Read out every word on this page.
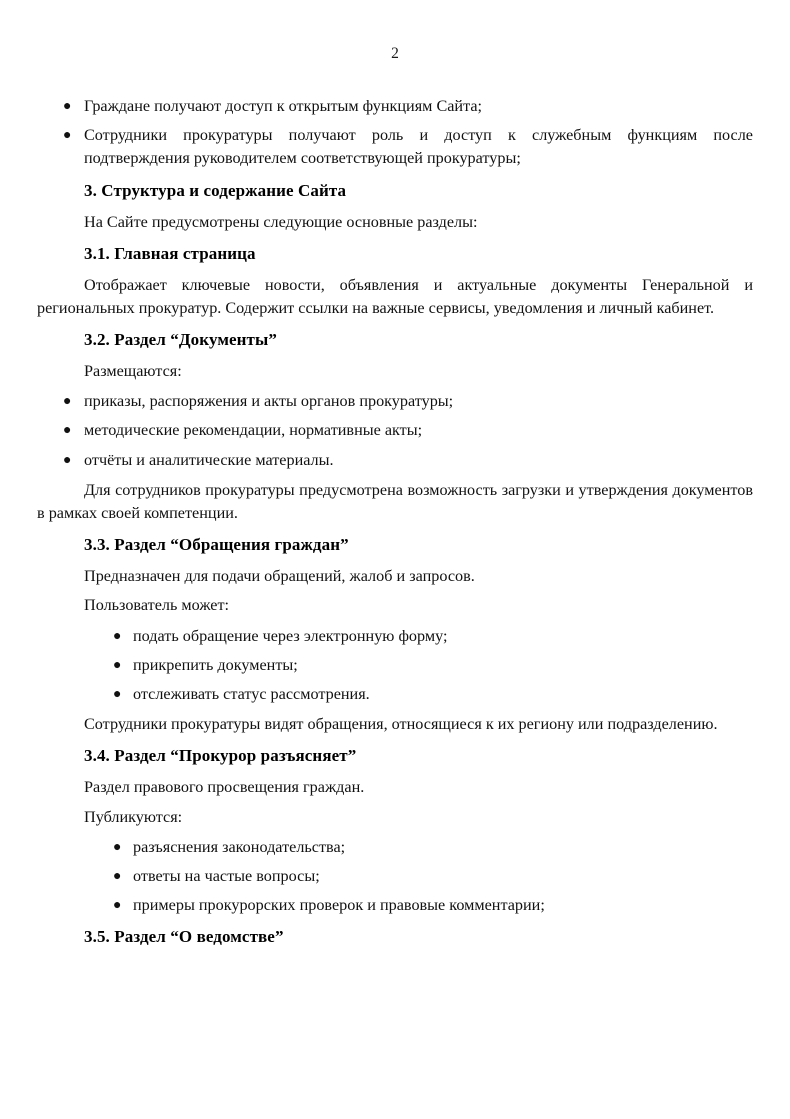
2
● Граждане получают доступ к открытым функциям Сайта;
● Сотрудники прокуратуры получают роль и доступ к служебным функциям после подтверждения руководителем соответствующей прокуратуры;
3. Структура и содержание Сайта

На Сайте предусмотрены следующие основные разделы:

3.1. Главная страница

Отображает ключевые новости, объявления и актуальные документы Генеральной и региональных прокуратур. Содержит ссылки на важные сервисы, уведомления и личный кабинет.

3.2. Раздел “Документы”

Размещаются:

● приказы, распоряжения и акты органов прокуратуры;
● методические рекомендации, нормативные акты;
● отчёты и аналитические материалы.

Для сотрудников прокуратуры предусмотрена возможность загрузки и утверждения документов в рамках своей компетенции.

3.3. Раздел “Обращения граждан”

Предназначен для подачи обращений, жалоб и запросов.

Пользователь может:

● подать обращение через электронную форму;
● прикрепить документы;
● отслеживать статус рассмотрения.

Сотрудники прокуратуры видят обращения, относящиеся к их региону или подразделению.

3.4. Раздел “Прокурор разъясняет”

Раздел правового просвещения граждан.

Публикуются:

● разъяснения законодательства;
● ответы на частые вопросы;
● примеры прокурорских проверок и правовые комментарии;
3.5. Раздел “О ведомстве”
